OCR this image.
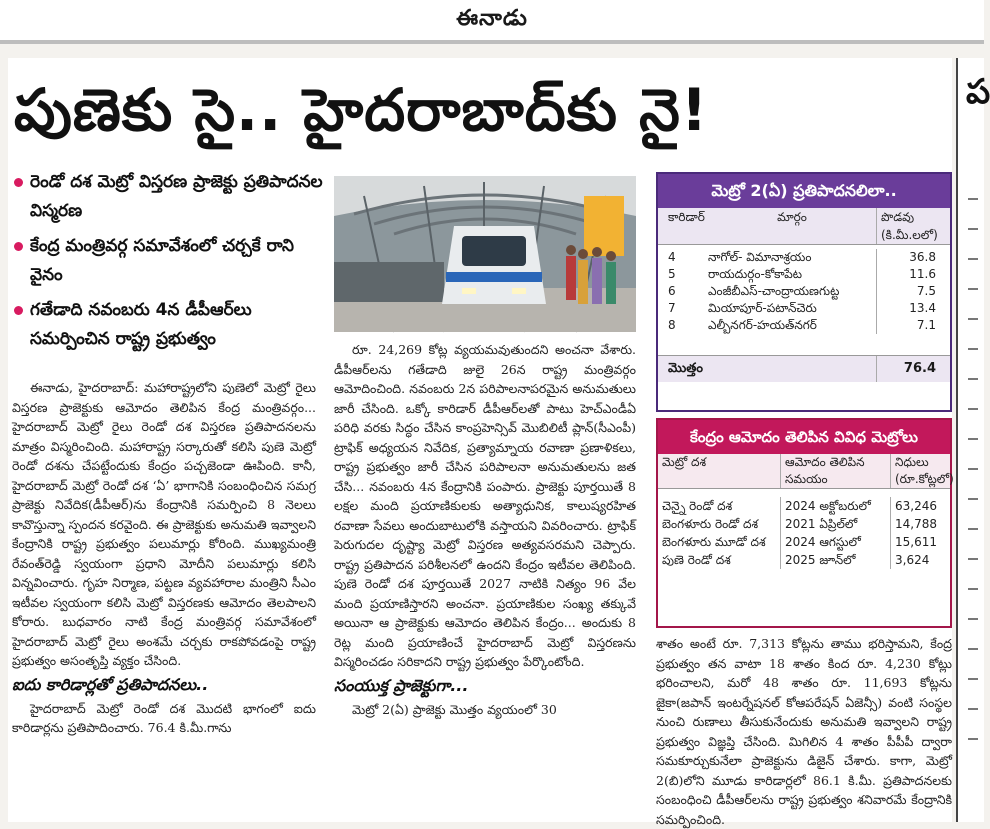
ఈనాడు
పుణెకు సై.. హైదరాబాద్‌కు నై!
రెండో దశ మెట్రో విస్తరణ ప్రాజెక్టు ప్రతిపాదనల విస్మరణ
కేంద్ర మంత్రివర్గ సమావేశంలో చర్చకే రాని వైనం
గతేడాది నవంబరు 4న డీపీఆర్‌లు సమర్పించిన రాష్ట్ర ప్రభుత్వం

ఈనాడు, హైదరాబాద్‌: మహారాష్ట్రలోని పుణెలో మెట్రో రైలు విస్తరణ ప్రాజెక్టుకు ఆమోదం తెలిపిన కేంద్ర మంత్రివర్గం... హైదరాబాద్‌ మెట్రో రైలు రెండో దశ విస్తరణ ప్రతిపాదనలను మాత్రం విస్మరించింది. మహారాష్ట్ర సర్కారుతో కలిసి పుణె మెట్రో రెండో దశను చేపట్టేందుకు కేంద్రం పచ్చజెండా ఊపింది. కానీ, హైదరాబాద్‌ మెట్రో రెండో దశ ‘ఏ’ భాగానికి సంబంధించిన సమగ్ర ప్రాజెక్టు నివేదిక(డీపీఆర్‌)ను కేంద్రానికి సమర్పించి 8 నెలలు కావొస్తున్నా స్పందన కరవైంది. ఈ ప్రాజెక్టుకు అనుమతి ఇవ్వాలని కేంద్రానికి రాష్ట్ర ప్రభుత్వం పలుమార్లు కోరింది. ముఖ్యమంత్రి రేవంత్‌రెడ్డి స్వయంగా ప్రధాని మోదీని పలుమార్లు కలిసి విన్నవించారు. గృహ నిర్మాణ, పట్టణ వ్యవహారాల మంత్రిని సీఎం ఇటీవల స్వయంగా కలిసి మెట్రో విస్తరణకు ఆమోదం తెలపాలని కోరారు. బుధవారం నాటి కేంద్ర మంత్రివర్గ సమావేశంలో హైదరాబాద్‌ మెట్రో రైలు అంశమే చర్చకు రాకపోవడంపై రాష్ట్ర ప్రభుత్వం అసంతృప్తి వ్యక్తం చేసింది.

ఐదు కారిడార్లతో ప్రతిపాదనలు..

హైదరాబాద్‌ మెట్రో రెండో దశ మొదటి భాగంలో ఐదు కారిడార్లను ప్రతిపాదించారు. 76.4 కి.మీ.గాను

రూ. 24,269 కోట్ల వ్యయమవుతుందని అంచనా వేశారు. డీపీఆర్‌లను గతేడాది జులై 26న రాష్ట్ర మంత్రివర్గం ఆమోదించింది. నవంబరు 2న పరిపాలనాపరమైన అనుమతులు జారీ చేసింది. ఒక్కో కారిడార్‌ డీపీఆర్‌లతో పాటు హెచ్‌ఎండీఏ పరిధి వరకు సిద్ధం చేసిన కాంప్రహెన్సివ్‌ మొబిలిటీ ప్లాన్‌(సీఎంపీ) ట్రాఫిక్‌ అధ్యయన నివేదిక, ప్రత్యామ్నాయ రవాణా ప్రణాళికలు, రాష్ట్ర ప్రభుత్వం జారీ చేసిన పరిపాలనా అనుమతులను జత చేసి... నవంబరు 4న కేంద్రానికి పంపారు. ప్రాజెక్టు పూర్తయితే 8 లక్షల మంది ప్రయాణికులకు అత్యాధునిక, కాలుష్యరహిత రవాణా సేవలు అందుబాటులోకి వస్తాయని వివరించారు. ట్రాఫిక్‌ పెరుగుదల దృష్ట్యా మెట్రో విస్తరణ అత్యవసరమని చెప్పారు. రాష్ట్ర ప్రతిపాదన పరిశీలనలో ఉందని కేంద్రం ఇటీవల తెలిపింది. పుణె రెండో దశ పూర్తయితే 2027 నాటికి నిత్యం 96 వేల మంది ప్రయాణిస్తారని అంచనా. ప్రయాణికుల సంఖ్య తక్కువే అయినా ఆ ప్రాజెక్టుకు ఆమోదం తెలిపిన కేంద్రం... అందుకు 8 రెట్ల మంది ప్రయాణించే హైదరాబాద్‌ మెట్రో విస్తరణను విస్మరించడం సరికాదని రాష్ట్ర ప్రభుత్వం పేర్కొంటోంది.

సంయుక్త ప్రాజెక్టుగా...

మెట్రో 2(ఏ) ప్రాజెక్టు మొత్తం వ్యయంలో 30

మెట్రో 2(ఏ) ప్రతిపాదనలిలా..
కారిడార్‌	మార్గం	పొడవు (కి.మీ.లలో)
4	నాగోల్‌- విమానాశ్రయం	36.8
5	రాయదుర్గం-కోకాపేట	11.6
6	ఎంజీబీఎస్‌-చాంద్రాయణగుట్ట	7.5
7	మియాపూర్‌-పటాన్‌చెరు	13.4
8	ఎల్బీనగర్‌-హయత్‌నగర్‌	7.1
మొత్తం	76.4
కేంద్రం ఆమోదం తెలిపిన వివిధ మెట్రోలు
మెట్రో దశ	ఆమోదం తెలిపిన సమయం
నిధులు (రూ.కోట్లలో)
చెన్నై రెండో దశ	2024 అక్టోబరులో	63,246
బెంగళూరు రెండో దశ	2021 ఏప్రిల్‌లో	14,788
బెంగళూరు మూడో దశ	2024 ఆగస్టులో	15,611
పుణె రెండో దశ	2025 జూన్‌లో	3,624

శాతం అంటే రూ. 7,313 కోట్లను తాము భరిస్తామని, కేంద్ర ప్రభుత్వం తన వాటా 18 శాతం కింద రూ. 4,230 కోట్లు భరించాలని, మరో 48 శాతం రూ. 11,693 కోట్లను జైకా(జపాన్‌ ఇంటర్నేషనల్‌ కోఆపరేషన్‌ ఏజెన్సీ) వంటి సంస్థల నుంచి రుణాలు తీసుకునేందుకు అనుమతి ఇవ్వాలని రాష్ట్ర ప్రభుత్వం విజ్ఞప్తి చేసింది. మిగిలిన 4 శాతం పీపీపీ ద్వారా సమకూర్చుకునేలా ప్రాజెక్టును డిజైన్‌ చేశారు. కాగా, మెట్రో 2(బి)లోని మూడు కారిడార్లలో 86.1 కి.మీ. ప్రతిపాదనలకు సంబంధించి డీపీఆర్‌లను రాష్ట్ర ప్రభుత్వం శనివారమే కేంద్రానికి సమర్పించింది.

ప
